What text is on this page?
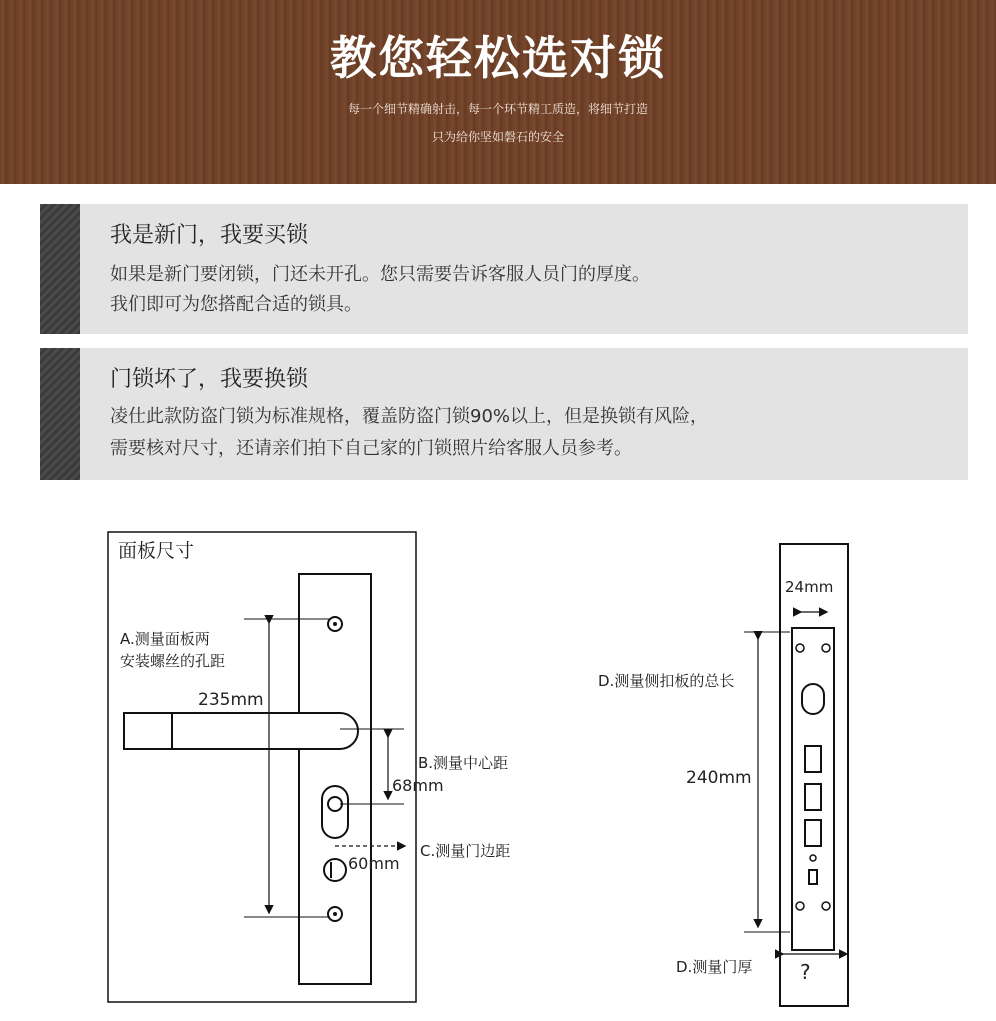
教您轻松选对锁
每一个细节精确射击，每一个环节精工质造，将细节打造
只为给你坚如磐石的安全
我是新门，我要买锁
如果是新门要闭锁，门还未开孔。您只需要告诉客服人员门的厚度。
我们即可为您搭配合适的锁具。
门锁坏了，我要换锁
凌仕此款防盗门锁为标准规格，覆盖防盗门锁90%以上，但是换锁有风险，
需要核对尺寸，还请亲们拍下自己家的门锁照片给客服人员参考。
面板尺寸
A.测量面板两
安装螺丝的孔距
235mm
B.测量中心距
68mm
C.测量门边距
60mm
D.测量侧扣板的总长
24mm
240mm
D.测量门厚 ?
